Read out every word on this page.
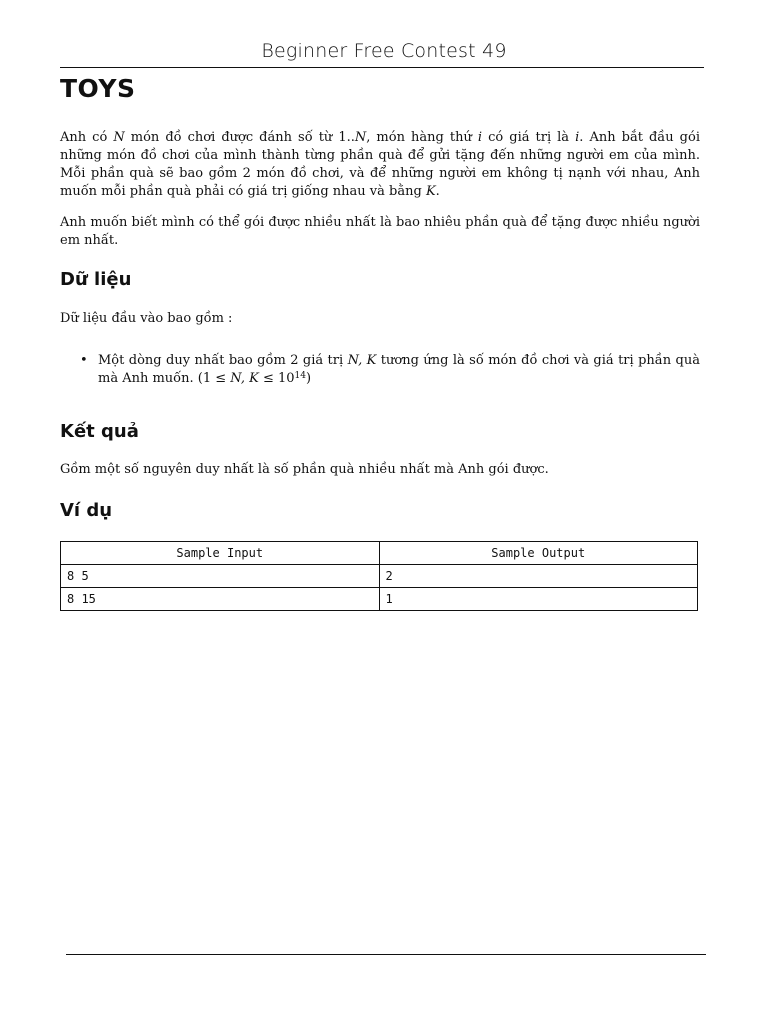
Beginner Free Contest 49
TOYS

Anh có N món đồ chơi được đánh số từ 1..N, món hàng thứ i có giá trị là i. Anh bắt đầu gói những món đồ chơi của mình thành từng phần quà để gửi tặng đến những người em của mình. Mỗi phần quà sẽ bao gồm 2 món đồ chơi, và để những người em không tị nạnh với nhau, Anh muốn mỗi phần quà phải có giá trị giống nhau và bằng K.

Anh muốn biết mình có thể gói được nhiều nhất là bao nhiêu phần quà để tặng được nhiều người em nhất.

Dữ liệu

Dữ liệu đầu vào bao gồm :

• Một dòng duy nhất bao gồm 2 giá trị N, K tương ứng là số món đồ chơi và giá trị phần quà mà Anh muốn. (1 ≤ N, $K \le 10^{14}$)
Kết quả

Gồm một số nguyên duy nhất là số phần quà nhiều nhất mà Anh gói được.

Ví dụ
Sample Input	Sample Output
8 5	2
8 15	1
